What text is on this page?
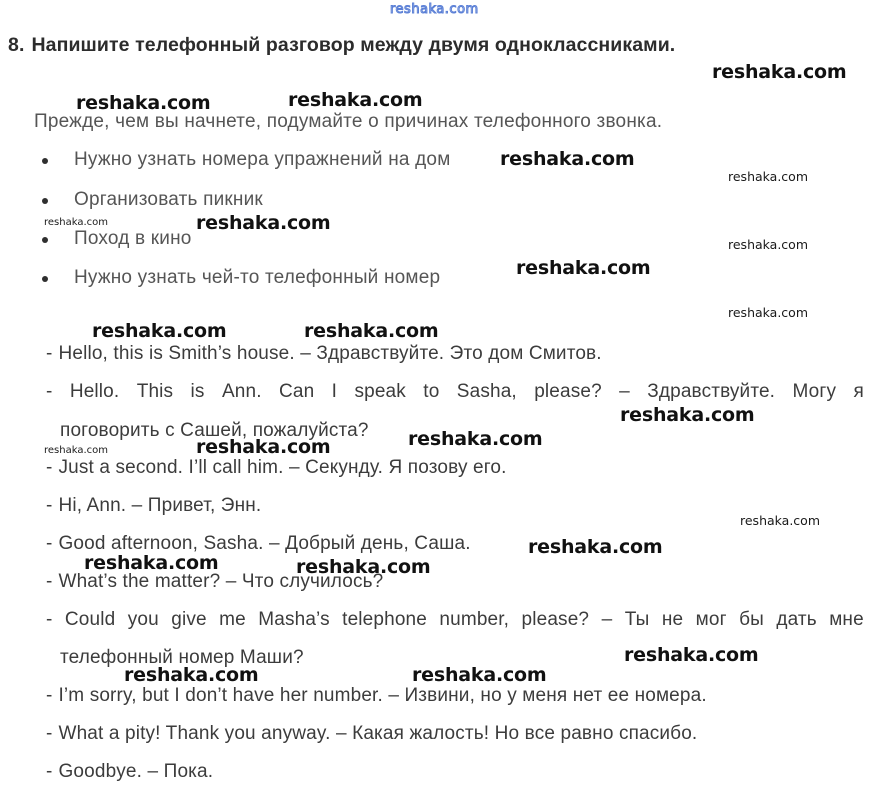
reshaka.com
8. Напишите телефонный разговор между двумя одноклассниками.
Прежде, чем вы начнете, подумайте о причинах телефонного звонка.
Нужно узнать номера упражнений на дом
Организовать пикник
Поход в кино
Нужно узнать чей-то телефонный номер
- Hello, this is Smith’s house. – Здравствуйте. Это дом Смитов.
- Hello. This is Ann. Can I speak to Sasha, please? – Здравствуйте. Могу я
поговорить с Сашей, пожалуйста?
- Just a second. I’ll call him. – Секунду. Я позову его.
- Hi, Ann. – Привет, Энн.
- Good afternoon, Sasha. – Добрый день, Саша.
- What’s the matter? – Что случилось?
- Could you give me Masha’s telephone number, please? – Ты не мог бы дать мне
телефонный номер Маши?
- I’m sorry, but I don’t have her number. – Извини, но у меня нет ее номера.
- What a pity! Thank you anyway. – Какая жалость! Но все равно спасибо.
- Goodbye. – Пока.
reshaka.com
reshaka.com	reshaka.com
reshaka.com
reshaka.com
reshaka.com	reshaka.com
reshaka.com
reshaka.com
reshaka.com
reshaka.com	reshaka.com
reshaka.com
reshaka.com
reshaka.com
reshaka.com
reshaka.com
reshaka.com
reshaka.com	reshaka.com
reshaka.com
reshaka.com	reshaka.com
